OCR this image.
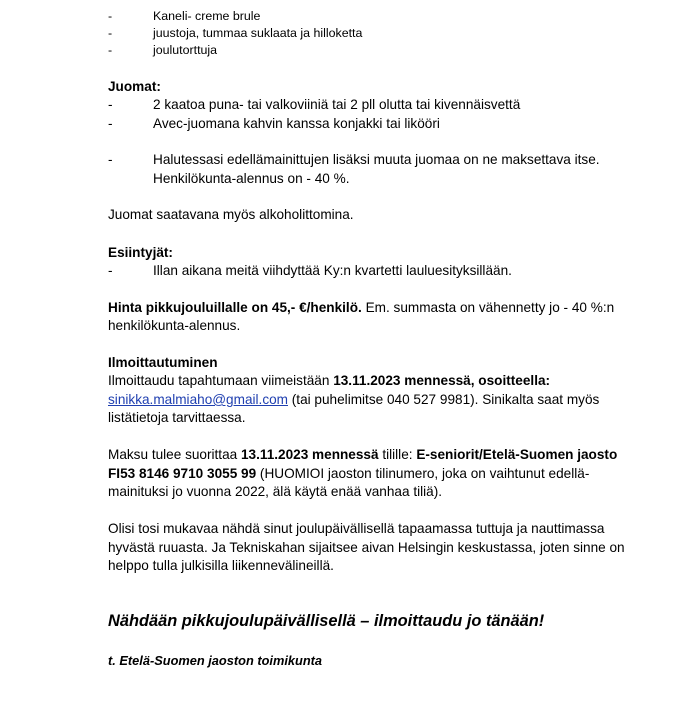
-	Kaneli- creme brule
-	juustoja, tummaa suklaata ja hilloketta
-	joulutorttuja
Juomat:
-	2 kaatoa puna- tai valkoviiniä tai 2 pll olutta tai kivennäisvettä
-	Avec-juomana kahvin kanssa konjakki tai likööri
-	Halutessasi edellämainittujen lisäksi muuta juomaa on ne maksettava itse.
Henkilökunta-alennus on - 40 %.
Juomat saatavana myös alkoholittomina.
Esiintyjät:
-	Illan aikana meitä viihdyttää Ky:n kvartetti lauluesityksillään.
Hinta pikkujouluillalle on 45,- €/henkilö. Em. summasta on vähennetty jo - 40 %:n
henkilökunta-alennus.
Ilmoittautuminen
Ilmoittaudu tapahtumaan viimeistään 13.11.2023 mennessä, osoitteella:
sinikka.malmiaho@gmail.com (tai puhelimitse 040 527 9981). Sinikalta saat myös
listätietoja tarvittaessa.
Maksu tulee suorittaa 13.11.2023 mennessä tilille: E-seniorit/Etelä-Suomen jaosto
FI53 8146 9710 3055 99 (HUOMIOI jaoston tilinumero, joka on vaihtunut edellä-
mainituksi jo vuonna 2022, älä käytä enää vanhaa tiliä).
Olisi tosi mukavaa nähdä sinut joulupäivällisellä tapaamassa tuttuja ja nauttimassa
hyvästä ruuasta. Ja Tekniskahan sijaitsee aivan Helsingin keskustassa, joten sinne on
helppo tulla julkisilla liikennevälineillä.
Nähdään pikkujoulupäivällisellä – ilmoittaudu jo tänään!
t. Etelä-Suomen jaoston toimikunta
